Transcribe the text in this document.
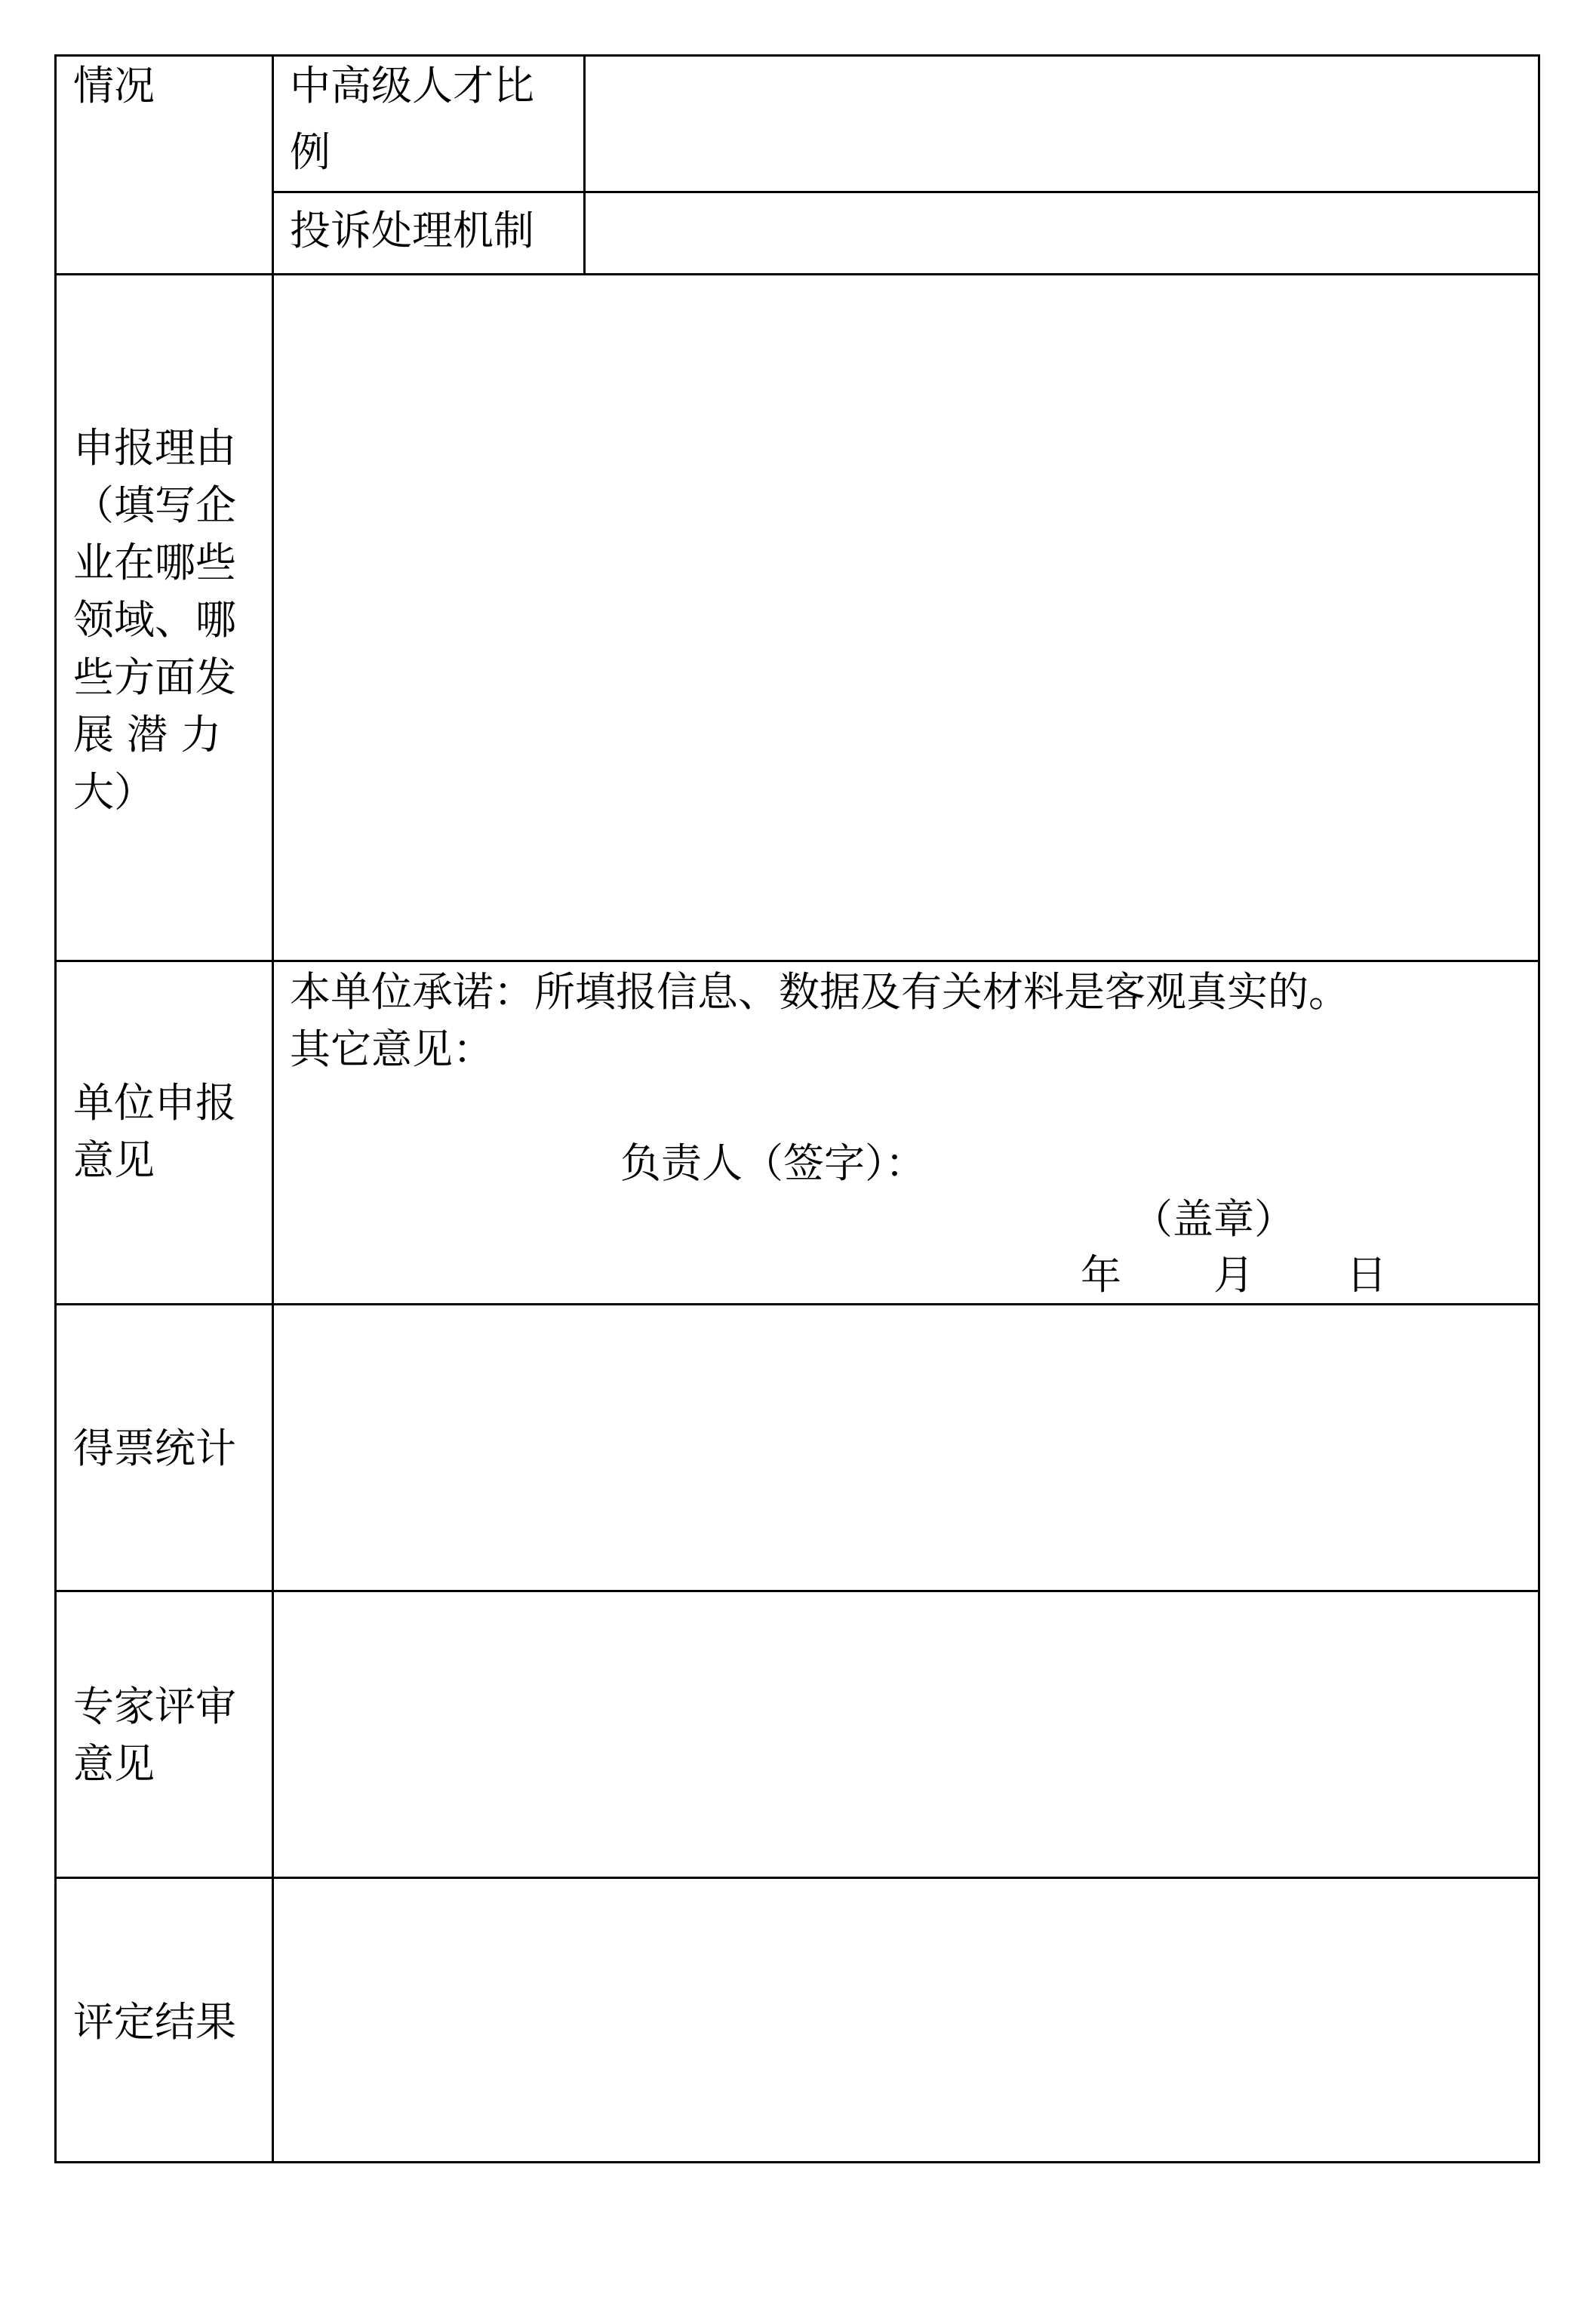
情况	中高级人才比
例
投诉处理机制
申报理由
（填写企
业在哪些
领域、哪
些方面发
展 潜 力
大）
单位申报
意见
本单位承诺：所填报信息、数据及有关材料是客观真实的。
其它意见：
负责人（签字）：
（盖章）
年 月 日
得票统计
专家评审
意见
评定结果
